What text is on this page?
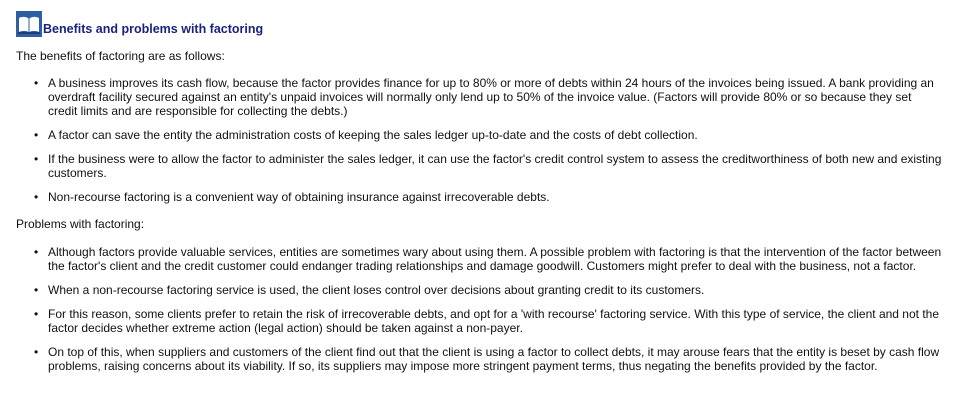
Benefits and problems with factoring

The benefits of factoring are as follows:

• A business improves its cash flow, because the factor provides finance for up to 80% or more of debts within 24 hours of the invoices being issued. A bank providing an overdraft facility secured against an entity's unpaid invoices will normally only lend up to 50% of the invoice value. (Factors will provide 80% or so because they set credit limits and are responsible for collecting the debts.)
• A factor can save the entity the administration costs of keeping the sales ledger up-to-date and the costs of debt collection.
• If the business were to allow the factor to administer the sales ledger, it can use the factor's credit control system to assess the creditworthiness of both new and existing customers.
• Non-recourse factoring is a convenient way of obtaining insurance against irrecoverable debts.

Problems with factoring:

• Although factors provide valuable services, entities are sometimes wary about using them. A possible problem with factoring is that the intervention of the factor between the factor's client and the credit customer could endanger trading relationships and damage goodwill. Customers might prefer to deal with the business, not a factor.
• When a non-recourse factoring service is used, the client loses control over decisions about granting credit to its customers.
• For this reason, some clients prefer to retain the risk of irrecoverable debts, and opt for a 'with recourse' factoring service. With this type of service, the client and not the factor decides whether extreme action (legal action) should be taken against a non-payer.
• On top of this, when suppliers and customers of the client find out that the client is using a factor to collect debts, it may arouse fears that the entity is beset by cash flow problems, raising concerns about its viability. If so, its suppliers may impose more stringent payment terms, thus negating the benefits provided by the factor.
